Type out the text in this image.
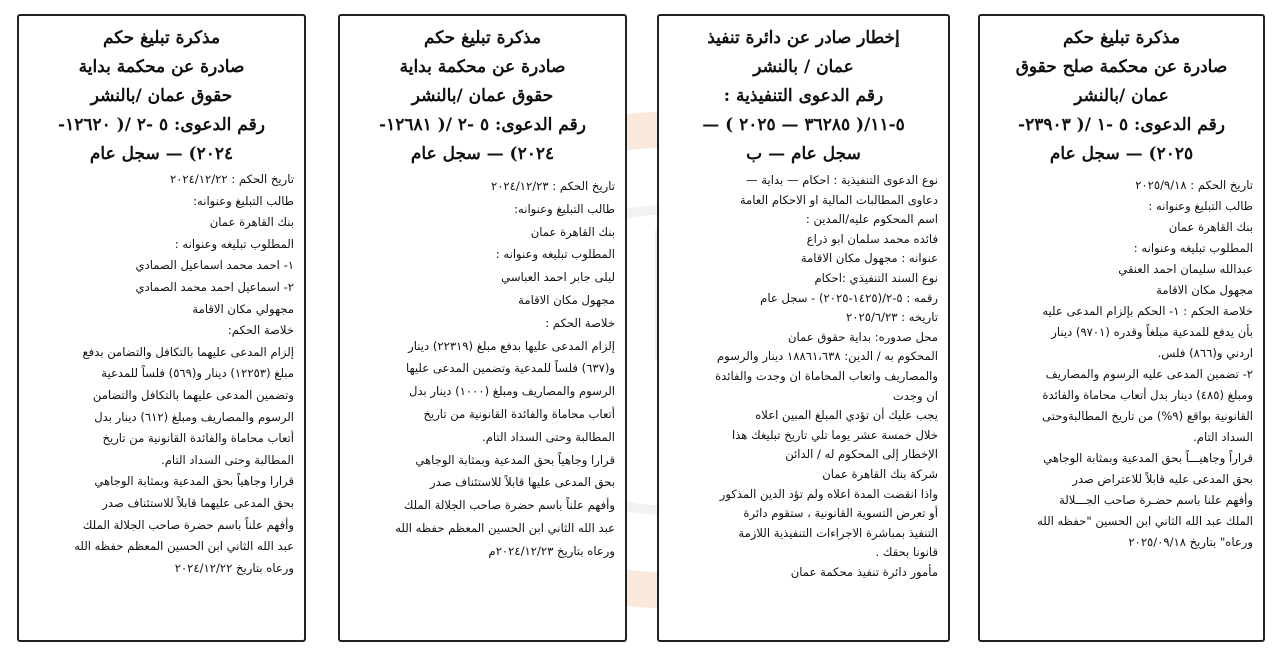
مذكرة تبليغ حكم
صادرة عن محكمة صلح حقوق
عمان /بالنشر
رقم الدعوى: ٥ -١ /( ٢٣٩٠٣-
٢٠٢٥) — سجل عام
تاريخ الحكم : ٢٠٢٥/٩/١٨
طالب التبليغ وعنوانه :
بنك القاهرة عمان
المطلوب تبليغه وعنوانه :
عبدالله سليمان احمد العنقي
مجهول مكان الاقامة
خلاصة الحكم : ١- الحكم بإلزام المدعى عليه
بأن يدفع للمدعية مبلغاً وقدره (٩٧٠١) دينار
اردني و(٨٦٦) فلس.
٢- تضمين المدعى عليه الرسوم والمصاريف
ومبلغ (٤٨٥) دينار بدل أتعاب محاماة والفائدة
القانونية بواقع (٩%) من تاريخ المطالبةوحتى
السداد التام.
قراراً وجاهيـــاً بحق المدعية وبمثابة الوجاهي
بحق المدعى عليه قابلاً للاعتراض صدر
وأفهم علنا باسم حضـرة صاحب الجـــلالة
الملك عبد الله الثاني ابن الحسين "حفظه الله
ورعاه" بتاريخ ٢٠٢٥/٠٩/١٨
إخطار صادر عن دائرة تنفيذ
عمان / بالنشر
رقم الدعوى التنفيذية :
٥-١١/( ٣٦٢٨٥ — ٢٠٢٥ ) —
سجل عام — ب
نوع الدعوى التنفيذية : احكام — بداية —
دعاوى المطالبات المالية او الاحكام العامة
اسم المحكوم عليه/المدين :
فائده محمد سلمان ابو ذراع
عنوانه : مجهول مكان الاقامة
نوع السند التنفيذي :احكام
رقمه : ٥-٢/(١٤٢٥-٢٠٢٥) - سجل عام
تاريخه : ٢٠٢٥/٦/٢٣
محل صدوره: بداية حقوق عمان
المحكوم به / الدين: ١٨٨٦١،٦٣٨ دينار والرسوم
والمصاريف واتعاب المحاماة ان وجدت والفائدة
ان وجدت
يجب عليك أن تؤدي المبلغ المبين اعلاه
خلال خمسة عشر يوما تلي تاريخ تبليغك هذا
الإخطار إلى المحكوم له / الدائن
شركة بنك القاهرة عمان
واذا انقضت المدة اعلاه ولم تؤد الدين المذكور
أو تعرض التسوية القانونية ، ستقوم دائرة
التنفيذ بمباشرة الاجراءات التنفيذية اللازمة
قانونا بحقك .
مأمور دائرة تنفيذ محكمة عمان
مذكرة تبليغ حكم
صادرة عن محكمة بداية
حقوق عمان /بالنشر
رقم الدعوى: ٥ -٢ /( ١٢٦٨١-
٢٠٢٤) — سجل عام
تاريخ الحكم : ٢٠٢٤/١٢/٢٣
طالب التبليغ وعنوانه:
بنك القاهرة عمان
المطلوب تبليغه وعنوانه :
ليلى جابر احمد العباسي
مجهول مكان الاقامة
خلاصة الحكم :
إلزام المدعى عليها بدفع مبلغ (٢٢٣١٩) دينار
و(٦٣٧) فلساً للمدعية وتضمين المدعى عليها
الرسوم والمصاريف ومبلغ (١٠٠٠) دينار بدل
أتعاب محاماة والفائدة القانونية من تاريخ
المطالبة وحتى السداد التام.
قرارا وجاهياً بحق المدعية وبمثابة الوجاهي
بحق المدعى عليها قابلاً للاستئناف صدر
وأفهم علناً باسم حضرة صاحب الجلالة الملك
عبد الله الثاني ابن الحسين المعظم حفظه الله
ورعاه بتاريخ ٢٠٢٤/١٢/٢٣م
مذكرة تبليغ حكم
صادرة عن محكمة بداية
حقوق عمان /بالنشر
رقم الدعوى: ٥ -٢ /( ١٢٦٢٠-
٢٠٢٤) — سجل عام
تاريخ الحكم : ٢٠٢٤/١٢/٢٢
طالب التبليغ وعنوانه:
بنك القاهرة عمان
المطلوب تبليغه وعنوانه :
١- احمد محمد اسماعيل الصمادي
٢- اسماعيل احمد محمد الصمادي
مجهولي مكان الاقامة
خلاصة الحكم:
إلزام المدعى عليهما بالتكافل والتضامن بدفع
مبلغ (١٢٢٥٣) دينار و(٥٦٩) فلساً للمدعية
وتضمين المدعى عليهما بالتكافل والتضامن
الرسوم والمصاريف ومبلغ (٦١٢) دينار بدل
أتعاب محاماة والفائدة القانونية من تاريخ
المطالبة وحتى السداد التام.
قرارا وجاهياً بحق المدعية وبمثابة الوجاهي
بحق المدعى عليهما قابلاً للاستئناف صدر
وأفهم علناً باسم حضرة صاحب الجلالة الملك
عبد الله الثاني ابن الحسين المعظم حفظه الله
ورعاه بتاريخ ٢٠٢٤/١٢/٢٢
